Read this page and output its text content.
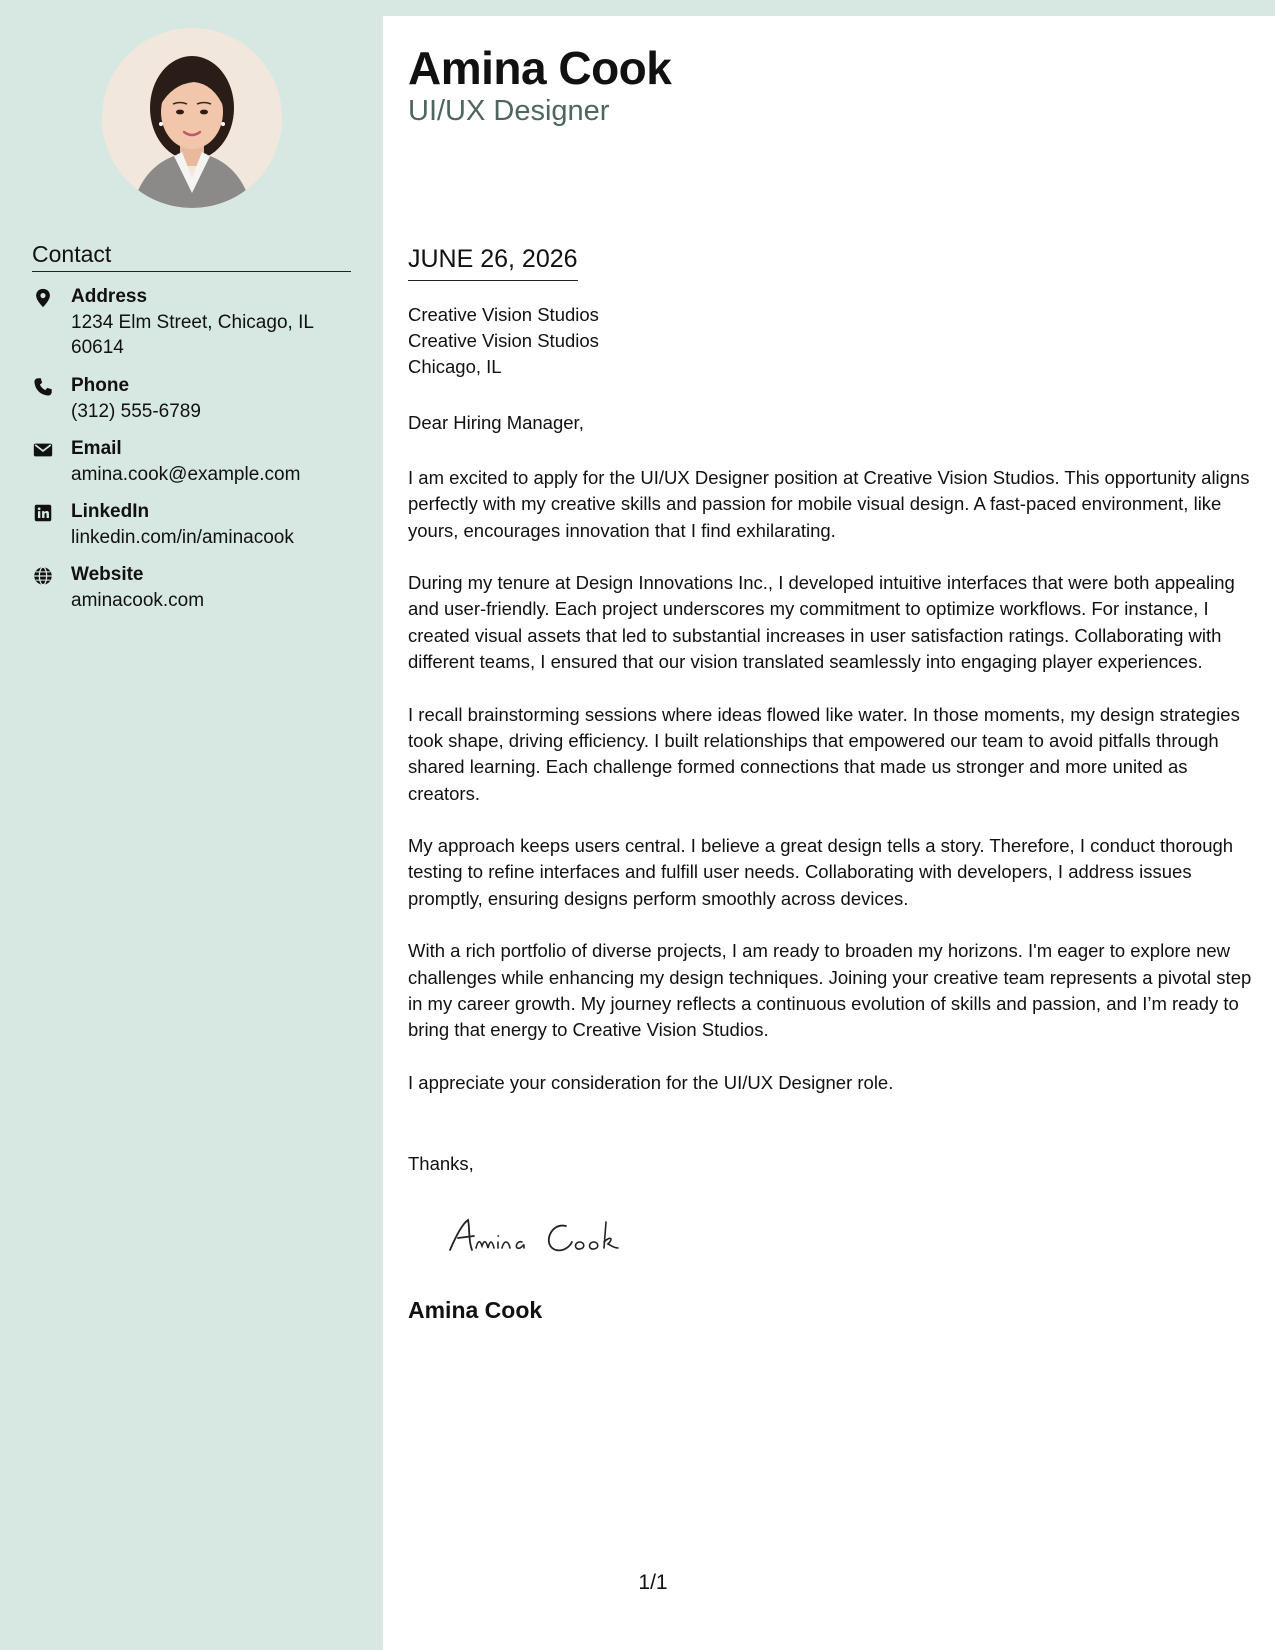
Contact
Address
1234 Elm Street, Chicago, IL 60614
Phone
(312) 555-6789
Email
amina.cook@example.com
LinkedIn
linkedin.com/in/aminacook
Website
aminacook.com
Amina Cook
UI/UX Designer
JUNE 26, 2026
Creative Vision Studios
Creative Vision Studios
Chicago, IL
Dear Hiring Manager,

I am excited to apply for the UI/UX Designer position at Creative Vision Studios. This opportunity aligns perfectly with my creative skills and passion for mobile visual design. A fast-paced environment, like yours, encourages innovation that I find exhilarating.

During my tenure at Design Innovations Inc., I developed intuitive interfaces that were both appealing and user-friendly. Each project underscores my commitment to optimize workflows. For instance, I created visual assets that led to substantial increases in user satisfaction ratings. Collaborating with different teams, I ensured that our vision translated seamlessly into engaging player experiences.

I recall brainstorming sessions where ideas flowed like water. In those moments, my design strategies took shape, driving efficiency. I built relationships that empowered our team to avoid pitfalls through shared learning. Each challenge formed connections that made us stronger and more united as creators.

My approach keeps users central. I believe a great design tells a story. Therefore, I conduct thorough testing to refine interfaces and fulfill user needs. Collaborating with developers, I address issues promptly, ensuring designs perform smoothly across devices.

With a rich portfolio of diverse projects, I am ready to broaden my horizons. I'm eager to explore new challenges while enhancing my design techniques. Joining your creative team represents a pivotal step in my career growth. My journey reflects a continuous evolution of skills and passion, and I’m ready to bring that energy to Creative Vision Studios.

I appreciate your consideration for the UI/UX Designer role.

Thanks,
Amina Cook
1/1
